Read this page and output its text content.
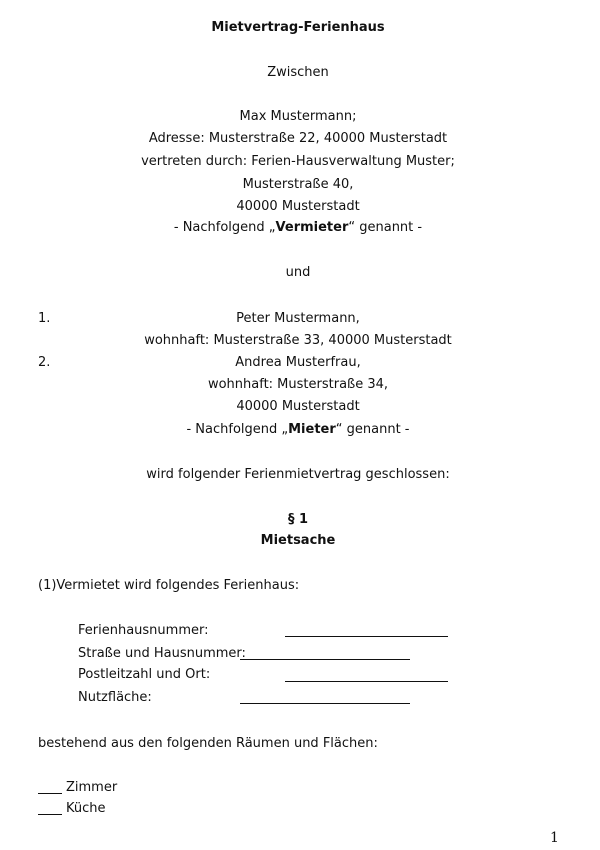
Mietvertrag-Ferienhaus
Zwischen
Max Mustermann;
Adresse: Musterstraße 22, 40000 Musterstadt
vertreten durch: Ferien-Hausverwaltung Muster;
Musterstraße 40,
40000 Musterstadt
- Nachfolgend „Vermieter“ genannt -
und
1.	Peter Mustermann,
wohnhaft: Musterstraße 33, 40000 Musterstadt
2.	Andrea Musterfrau,
wohnhaft: Musterstraße 34,
40000 Musterstadt
- Nachfolgend „Mieter“ genannt -
wird folgender Ferienmietvertrag geschlossen:
§ 1
Mietsache
(1)Vermietet wird folgendes Ferienhaus:
Ferienhausnummer:
Straße und Hausnummer:
Postleitzahl und Ort:
Nutzfläche:
bestehend aus den folgenden Räumen und Flächen:
Zimmer
Küche
1
